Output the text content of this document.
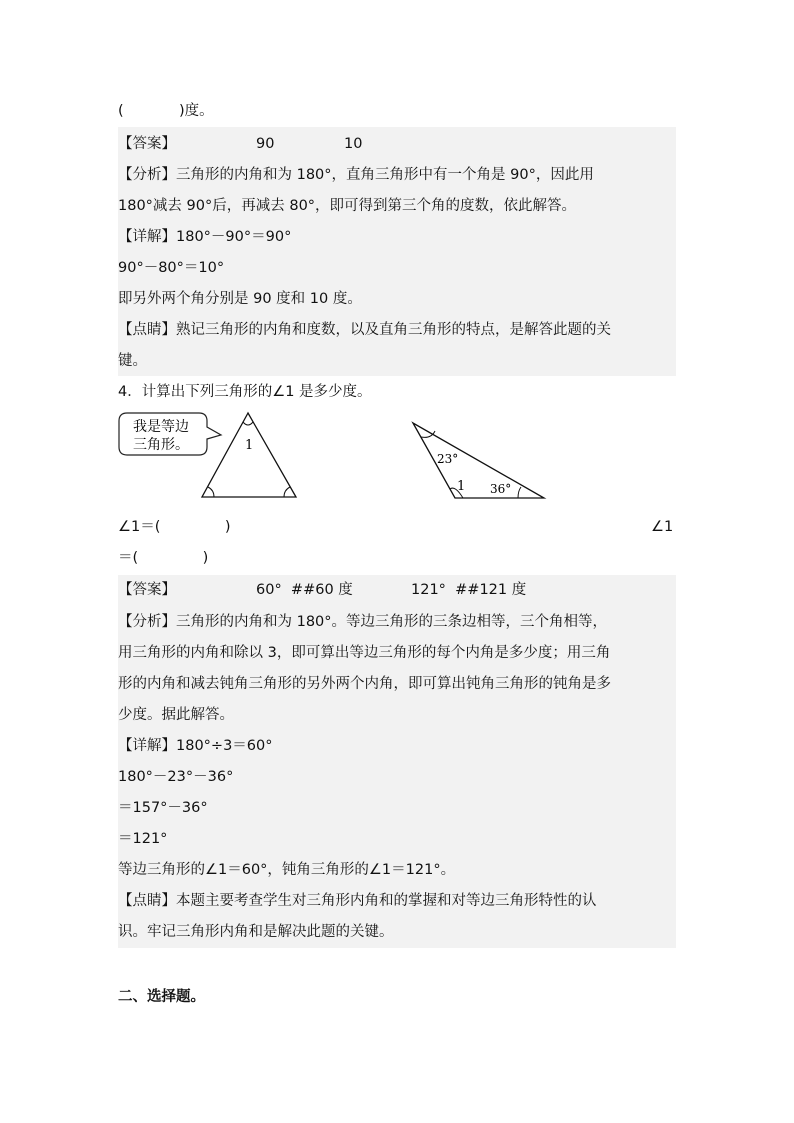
(            )度。
【答案】	90	10
【分析】三角形的内角和为 180°，直角三角形中有一个角是 90°，因此用
180°减去 90°后，再减去 80°，即可得到第三个角的度数，依此解答。
【详解】180°－90°＝90°
90°－80°＝10°
即另外两个角分别是 90 度和 10 度。
【点睛】熟记三角形的内角和度数，以及直角三角形的特点，是解答此题的关
键。
4．计算出下列三角形的∠1 是多少度。
我是等边
三角形。	1
23°
1 36°
∠1＝(              )	∠1
＝(              )
【答案】	60°  ##60 度	121°  ##121 度
【分析】三角形的内角和为 180°。等边三角形的三条边相等，三个角相等，
用三角形的内角和除以 3，即可算出等边三角形的每个内角是多少度；用三角
形的内角和减去钝角三角形的另外两个内角，即可算出钝角三角形的钝角是多
少度。据此解答。
【详解】180°÷3＝60°
180°－23°－36°
＝157°－36°
＝121°
等边三角形的∠1＝60°，钝角三角形的∠1＝121°。
【点睛】本题主要考查学生对三角形内角和的掌握和对等边三角形特性的认
识。牢记三角形内角和是解决此题的关键。
二、选择题。
